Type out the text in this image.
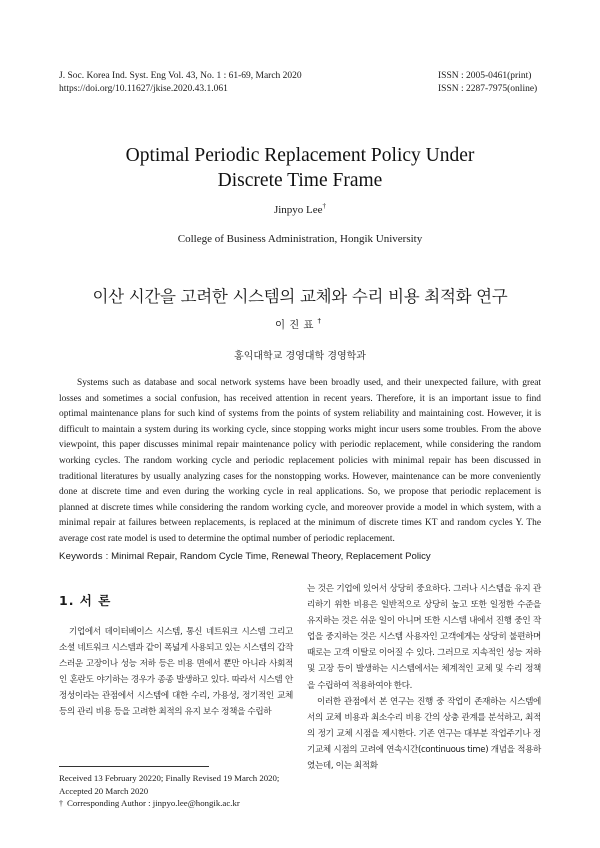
J. Soc. Korea Ind. Syst. Eng Vol. 43, No. 1 : 61-69, March 2020
https://doi.org/10.11627/jkise.2020.43.1.061
ISSN : 2005-0461(print)
ISSN : 2287-7975(online)
Optimal Periodic Replacement Policy Under
Discrete Time Frame
Jinpyo Lee†
College of Business Administration, Hongik University
이산 시간을 고려한 시스템의 교체와 수리 비용 최적화 연구
이진표†
홍익대학교 경영대학 경영학과
Systems such as database and socal network systems have been broadly used, and their unexpected failure, with great losses and sometimes a social confusion, has received attention in recent years. Therefore, it is an important issue to find optimal maintenance plans for such kind of systems from the points of system reliability and maintaining cost. However, it is difficult to maintain a system during its working cycle, since stopping works might incur users some troubles. From the above viewpoint, this paper discusses minimal repair maintenance policy with periodic replacement, while considering the random working cycles. The random working cycle and periodic replacement policies with minimal repair has been discussed in traditional literatures by usually analyzing cases for the nonstopping works. However, maintenance can be more conveniently done at discrete time and even during the working cycle in real applications. So, we propose that periodic replacement is planned at discrete times while considering the random working cycle, and moreover provide a model in which system, with a minimal repair at failures between replacements, is replaced at the minimum of discrete times KT and random cycles Y. The average cost rate model is used to determine the optimal number of periodic replacement.
Keywords : Minimal Repair, Random Cycle Time, Renewal Theory, Replacement Policy
1. 서 론

기업에서 데이터베이스 시스템, 통신 네트워크 시스템 그리고 소셜 네트워크 시스템과 같이 폭넓게 사용되고 있는 시스템의 갑작스러운 고장이나 성능 저하 등은 비용 면에서 뿐만 아니라 사회적인 혼란도 야기하는 경우가 종종 발생하고 있다. 따라서 시스템 안정성이라는 관점에서 시스템에 대한 수리, 가용성, 정기적인 교체 등의 관리 비용 등을 고려한 최적의 유지 보수 정책을 수립하

는 것은 기업에 있어서 상당히 중요하다. 그러나 시스템을 유지 관리하기 위한 비용은 일반적으로 상당히 높고 또한 일정한 수준을 유지하는 것은 쉬운 일이 아니며 또한 시스템 내에서 진행 중인 작업을 중지하는 것은 시스템 사용자인 고객에게는 상당히 불편하며 때로는 고객 이탈로 이어질 수 있다. 그러므로 지속적인 성능 저하 및 고장 등이 발생하는 시스템에서는 체계적인 교체 및 수리 정책을 수립하여 적용하여야 한다.

이러한 관점에서 본 연구는 진행 중 작업이 존재하는 시스템에서의 교체 비용과 최소수리 비용 간의 상충 관계를 분석하고, 최적의 정기 교체 시점을 제시한다. 기존 연구는 대부분 작업주기나 정기교체 시점의 고려에 연속시간(continuous time) 개념을 적용하였는데, 이는 최적화

Received 13 February 20220; Finally Revised 19 March 2020;
Accepted 20 March 2020
† Corresponding Author : jinpyo.lee@hongik.ac.kr
